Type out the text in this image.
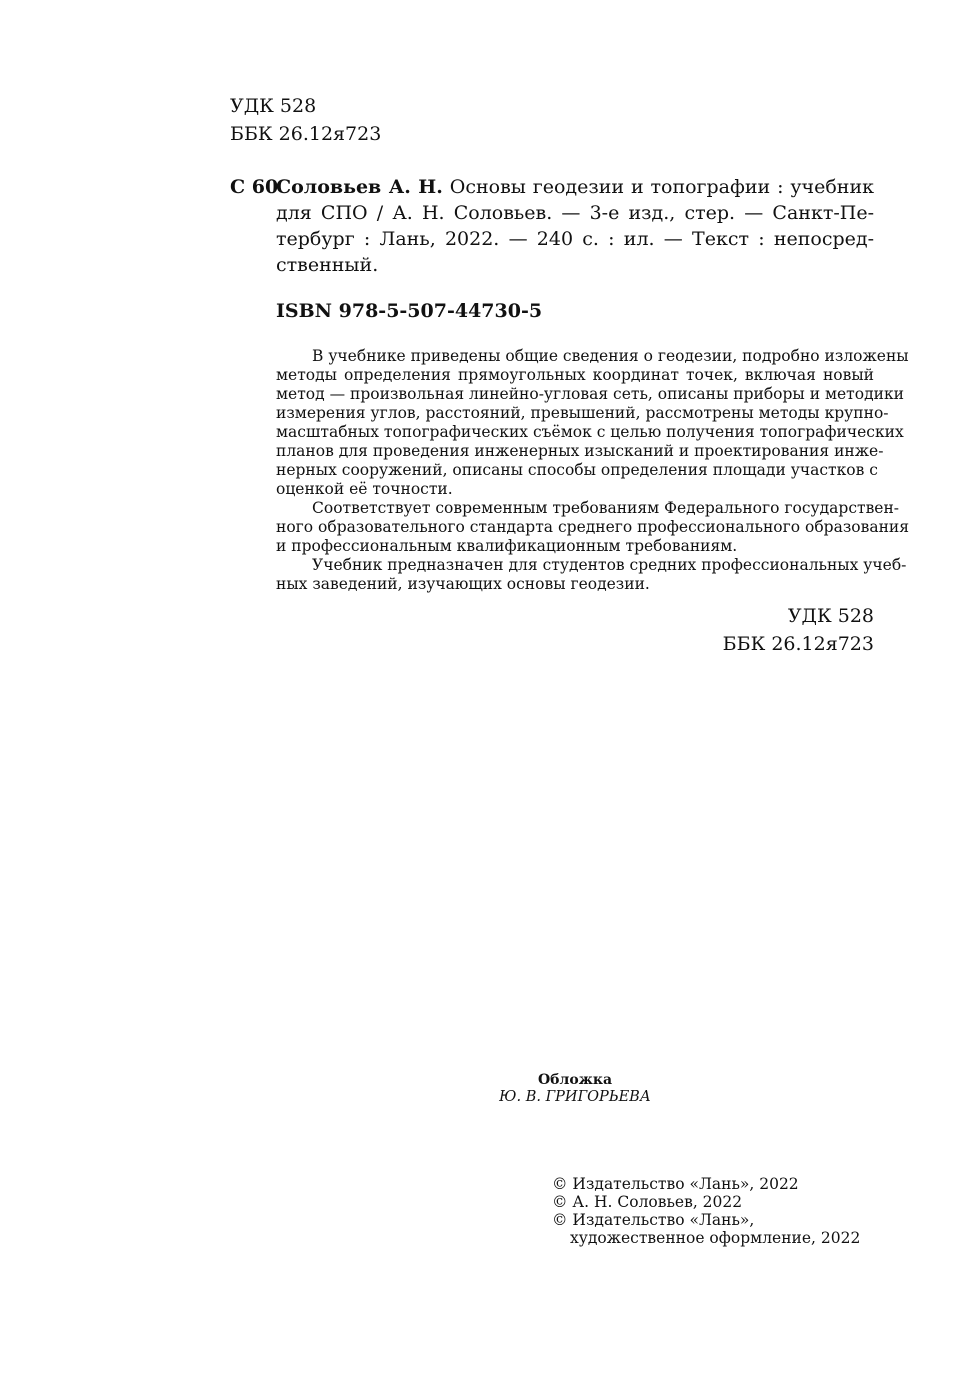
УДК 528
ББК 26.12я723
С 60
Соловьев А. Н. Основы геодезии и топографии : учебник
для СПО / А. Н. Соловьев. — 3-е изд., стер. — Санкт-Пе-
тербург : Лань, 2022. — 240 с. : ил. — Текст : непосред-
ственный.
ISBN 978-5-507-44730-5
В учебнике приведены общие сведения о геодезии, подробно изложены
методы определения прямоугольных координат точек, включая новый
метод — произвольная линейно-угловая сеть, описаны приборы и методики
измерения углов, расстояний, превышений, рассмотрены методы крупно-
масштабных топографических съёмок с целью получения топографических
планов для проведения инженерных изысканий и проектирования инже-
нерных сооружений, описаны способы определения площади участков с
оценкой её точности.
Соответствует современным требованиям Федерального государствен-
ного образовательного стандарта среднего профессионального образования
и профессиональным квалификационным требованиям.
Учебник предназначен для студентов средних профессиональных учеб-
ных заведений, изучающих основы геодезии.
УДК 528
ББК 26.12я723
Обложка
Ю. В. ГРИГОРЬЕВА
© Издательство «Лань», 2022
© А. Н. Соловьев, 2022
© Издательство «Лань»,
художественное оформление, 2022
